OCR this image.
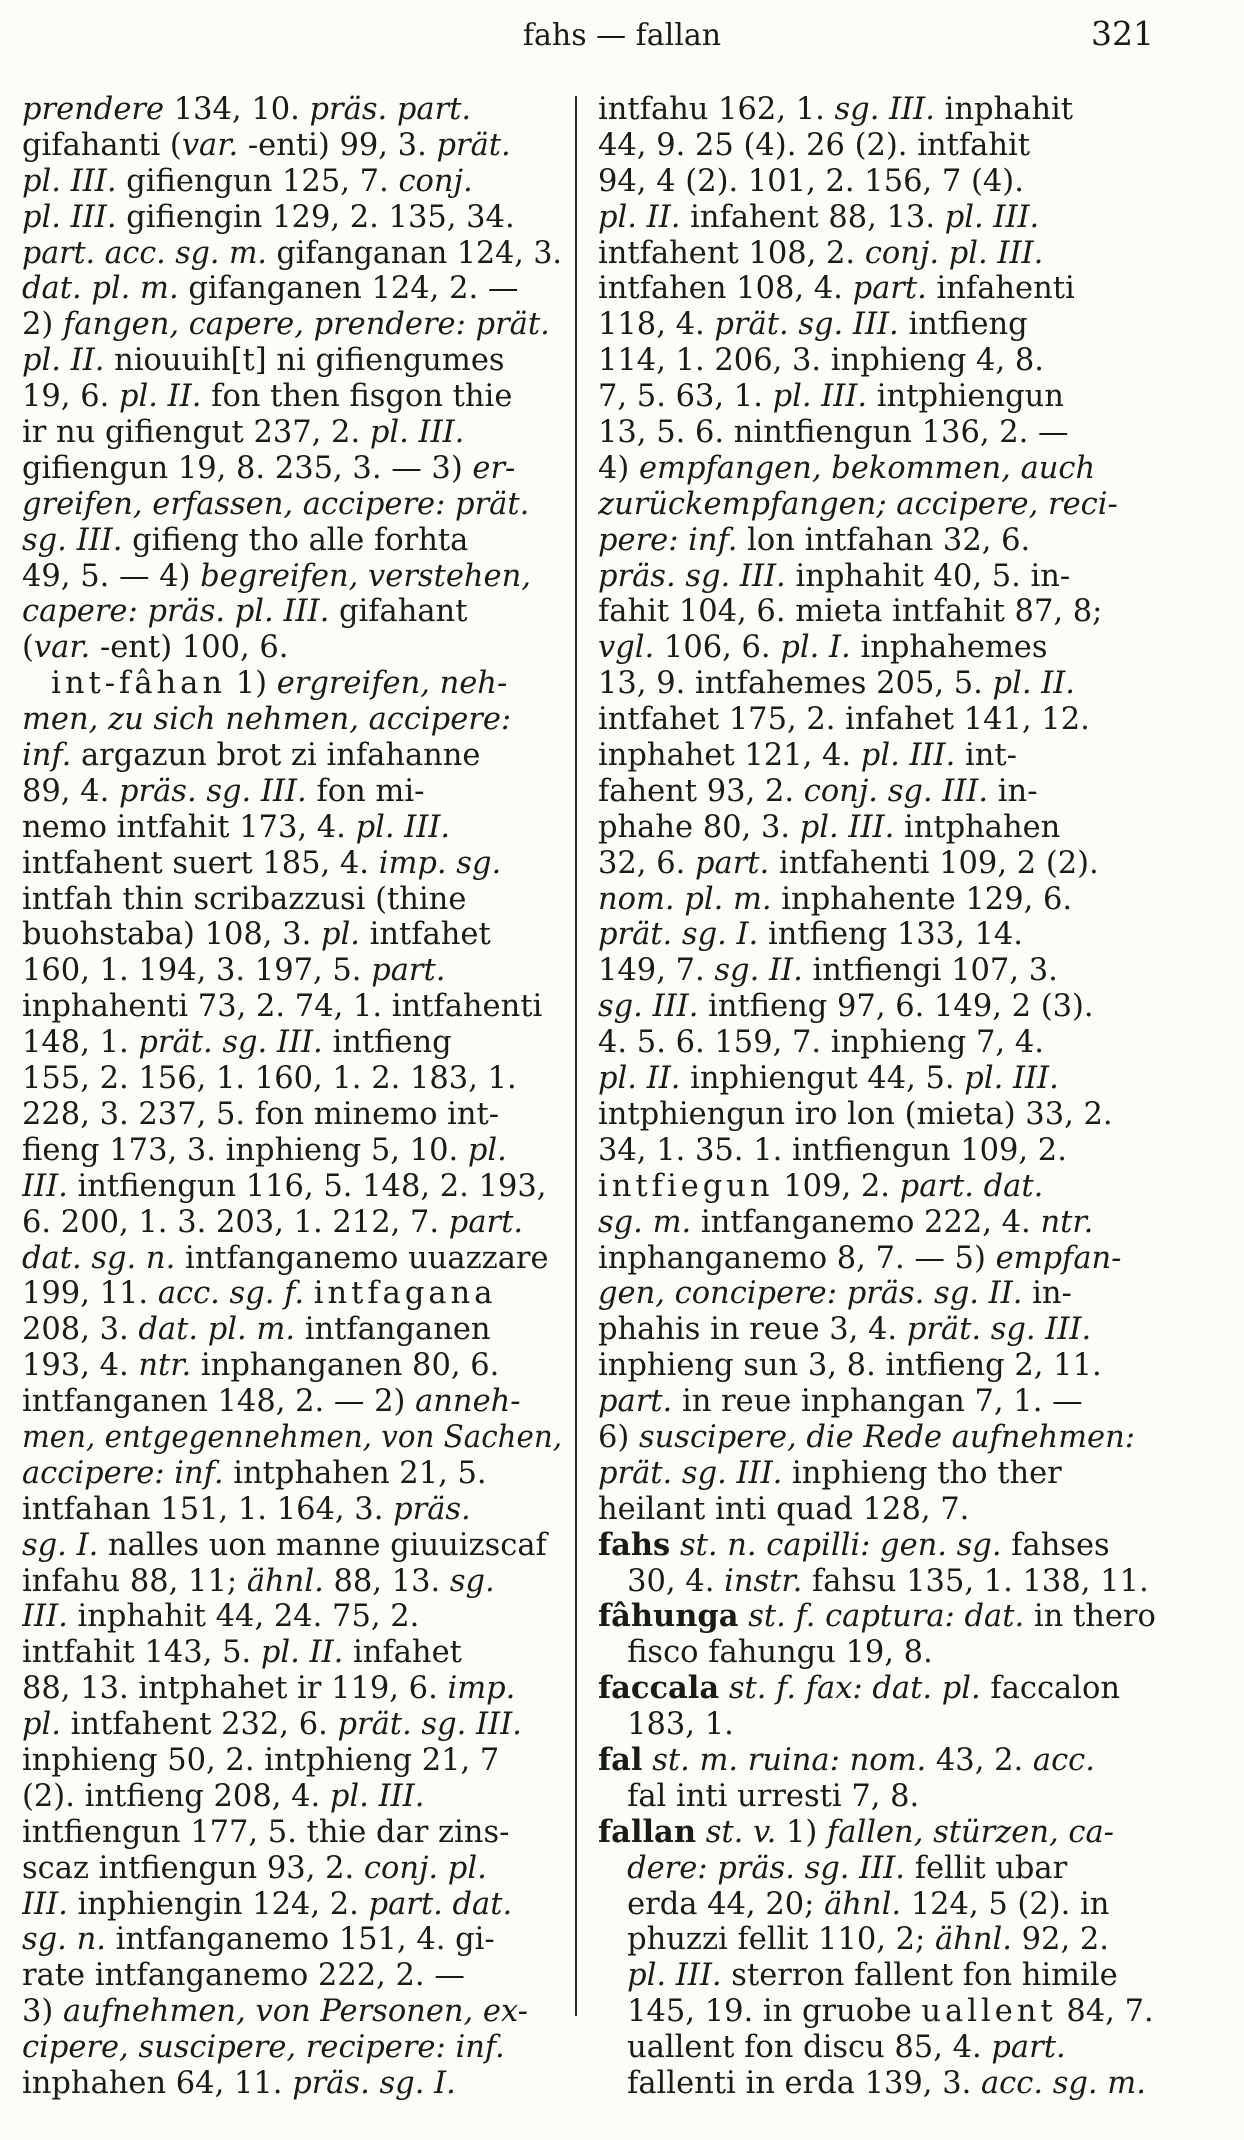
fahs — fallan	321
prendere 134, 10. präs. part.
gifahanti (var. -enti) 99, 3. prät.
pl. III. gifiengun 125, 7. conj.
pl. III. gifiengin 129, 2. 135, 34.
part. acc. sg. m. gifanganan 124, 3.
dat. pl. m. gifanganen 124, 2. —
2) fangen, capere, prendere: prät.
pl. II. niouuih[t] ni gifiengumes
19, 6. pl. II. fon then fisgon thie
ir nu gifiengut 237, 2. pl. III.
gifiengun 19, 8. 235, 3. — 3) er-
greifen, erfassen, accipere: prät.
sg. III. gifieng tho alle forhta
49, 5. — 4) begreifen, verstehen,
capere: präs. pl. III. gifahant
(var. -ent) 100, 6.
int-fâhan 1) ergreifen, neh-
men, zu sich nehmen, accipere:
inf. argazun brot zi infahanne
89, 4. präs. sg. III. fon mi-
nemo intfahit 173, 4. pl. III.
intfahent suert 185, 4. imp. sg.
intfah thin scribazzusi (thine
buohstaba) 108, 3. pl. intfahet
160, 1. 194, 3. 197, 5. part.
inphahenti 73, 2. 74, 1. intfahenti
148, 1. prät. sg. III. intfieng
155, 2. 156, 1. 160, 1. 2. 183, 1.
228, 3. 237, 5. fon minemo int-
fieng 173, 3. inphieng 5, 10. pl.
III. intfiengun 116, 5. 148, 2. 193,
6. 200, 1. 3. 203, 1. 212, 7. part.
dat. sg. n. intfanganemo uuazzare
199, 11. acc. sg. f. intfagana
208, 3. dat. pl. m. intfanganen
193, 4. ntr. inphanganen 80, 6.
intfanganen 148, 2. — 2) anneh-
men, entgegennehmen, von Sachen,
accipere: inf. intphahen 21, 5.
intfahan 151, 1. 164, 3. präs.
sg. I. nalles uon manne giuuizscaf
infahu 88, 11; ähnl. 88, 13. sg.
III. inphahit 44, 24. 75, 2.
intfahit 143, 5. pl. II. infahet
88, 13. intphahet ir 119, 6. imp.
pl. intfahent 232, 6. prät. sg. III.
inphieng 50, 2. intphieng 21, 7
(2). intfieng 208, 4. pl. III.
intfiengun 177, 5. thie dar zins-
scaz intfiengun 93, 2. conj. pl.
III. inphiengin 124, 2. part. dat.
sg. n. intfanganemo 151, 4. gi-
rate intfanganemo 222, 2. —
3) aufnehmen, von Personen, ex-
cipere, suscipere, recipere: inf.
inphahen 64, 11. präs. sg. I.
intfahu 162, 1. sg. III. inphahit
44, 9. 25 (4). 26 (2). intfahit
94, 4 (2). 101, 2. 156, 7 (4).
pl. II. infahent 88, 13. pl. III.
intfahent 108, 2. conj. pl. III.
intfahen 108, 4. part. infahenti
118, 4. prät. sg. III. intfieng
114, 1. 206, 3. inphieng 4, 8.
7, 5. 63, 1. pl. III. intphiengun
13, 5. 6. nintfiengun 136, 2. —
4) empfangen, bekommen, auch
zurückempfangen; accipere, reci-
pere: inf. lon intfahan 32, 6.
präs. sg. III. inphahit 40, 5. in-
fahit 104, 6. mieta intfahit 87, 8;
vgl. 106, 6. pl. I. inphahemes
13, 9. intfahemes 205, 5. pl. II.
intfahet 175, 2. infahet 141, 12.
inphahet 121, 4. pl. III. int-
fahent 93, 2. conj. sg. III. in-
phahe 80, 3. pl. III. intphahen
32, 6. part. intfahenti 109, 2 (2).
nom. pl. m. inphahente 129, 6.
prät. sg. I. intfieng 133, 14.
149, 7. sg. II. intfiengi 107, 3.
sg. III. intfieng 97, 6. 149, 2 (3).
4. 5. 6. 159, 7. inphieng 7, 4.
pl. II. inphiengut 44, 5. pl. III.
intphiengun iro lon (mieta) 33, 2.
34, 1. 35. 1. intfiengun 109, 2.
intfiegun 109, 2. part. dat.
sg. m. intfanganemo 222, 4. ntr.
inphanganemo 8, 7. — 5) empfan-
gen, concipere: präs. sg. II. in-
phahis in reue 3, 4. prät. sg. III.
inphieng sun 3, 8. intfieng 2, 11.
part. in reue inphangan 7, 1. —
6) suscipere, die Rede aufnehmen:
prät. sg. III. inphieng tho ther
heilant inti quad 128, 7.
fahs st. n. capilli: gen. sg. fahses
30, 4. instr. fahsu 135, 1. 138, 11.
fâhunga st. f. captura: dat. in thero
fisco fahungu 19, 8.
faccala st. f. fax: dat. pl. faccalon
183, 1.
fal st. m. ruina: nom. 43, 2. acc.
fal inti urresti 7, 8.
fallan st. v. 1) fallen, stürzen, ca-
dere: präs. sg. III. fellit ubar
erda 44, 20; ähnl. 124, 5 (2). in
phuzzi fellit 110, 2; ähnl. 92, 2.
pl. III. sterron fallent fon himile
145, 19. in gruobe uallent 84, 7.
uallent fon discu 85, 4. part.
fallenti in erda 139, 3. acc. sg. m.
